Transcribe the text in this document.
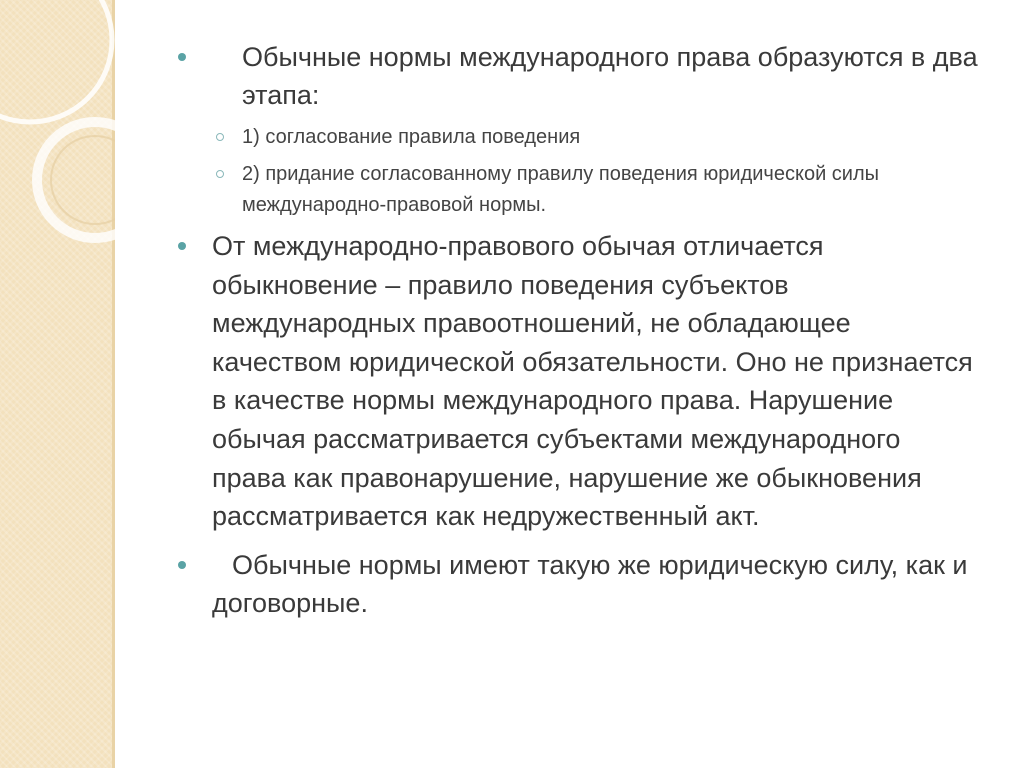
Обычные нормы международного права образуются в два этапа:
1) согласование правила поведения
2) придание согласованному правилу поведения юридической силы международно-правовой нормы.
От международно-правового обычая отличается обыкновение – правило поведения субъектов международных правоотношений, не обладающее качеством юридической обязательности. Оно не признается в качестве нормы международного права. Нарушение обычая рассматривается субъектами международного права как правонарушение, нарушение же обыкновения рассматривается как недружественный акт.
Обычные нормы имеют такую же юридическую силу, как и договорные.
